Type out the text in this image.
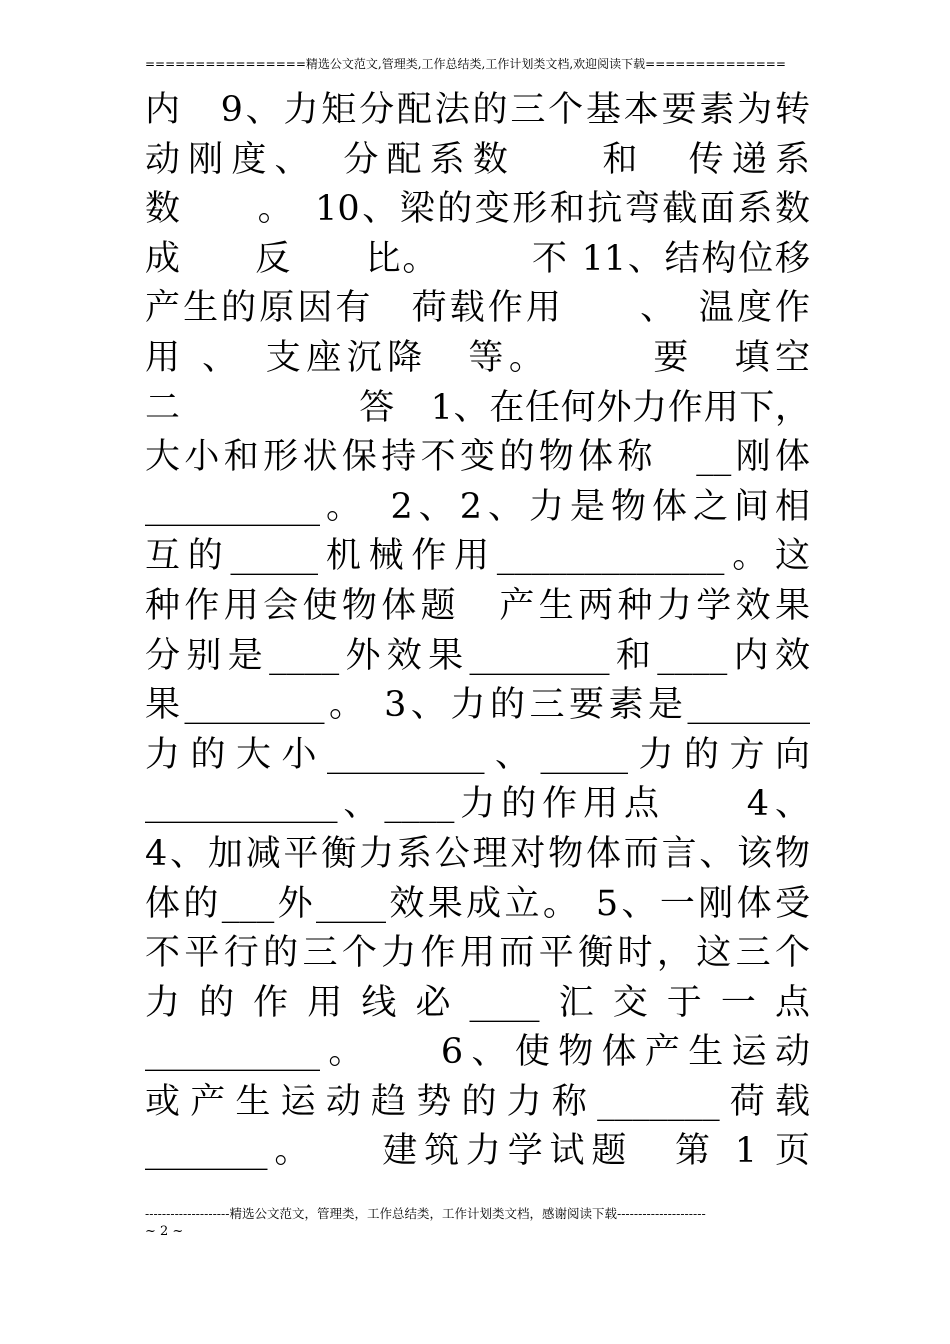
================精选公文范文,管理类,工作总结类,工作计划类文档,欢迎阅读下载==============
内　9、力矩分配法的三个基本要素为转
动刚度、　分配系数　　和　传递系
数　　。　10、梁的变形和抗弯截面系数
成　　反　　比。　　　不 11、结构位移
产生的原因有　荷载作用　　、　温度作
用 、　支座沉降　等。　　　要　填空
二　　　　　答　1、在任何外力作用下，
大小和形状保持不变的物体称　__刚体
__________。　2、2、力是物体之间相
互的_____机械作用_____________。这
种作用会使物体题　产生两种力学效果
分别是____外效果________和____内效
果________。 3、力的三要素是_______
力的大小_________、_____力的方向
___________、____力的作用点　　4、
4、加减平衡力系公理对物体而言、该物
体的___外____效果成立。 5、一刚体受
不平行的三个力作用而平衡时，这三个
力的作用线必____汇交于一点
__________。　　6、使物体产生运动
或产生运动趋势的力称_______荷载
_______。　　建筑力学试题　第 1 页
--------------------精选公文范文，管理类，工作总结类，工作计划类文档，感谢阅读下载---------------------
~ 2 ~
